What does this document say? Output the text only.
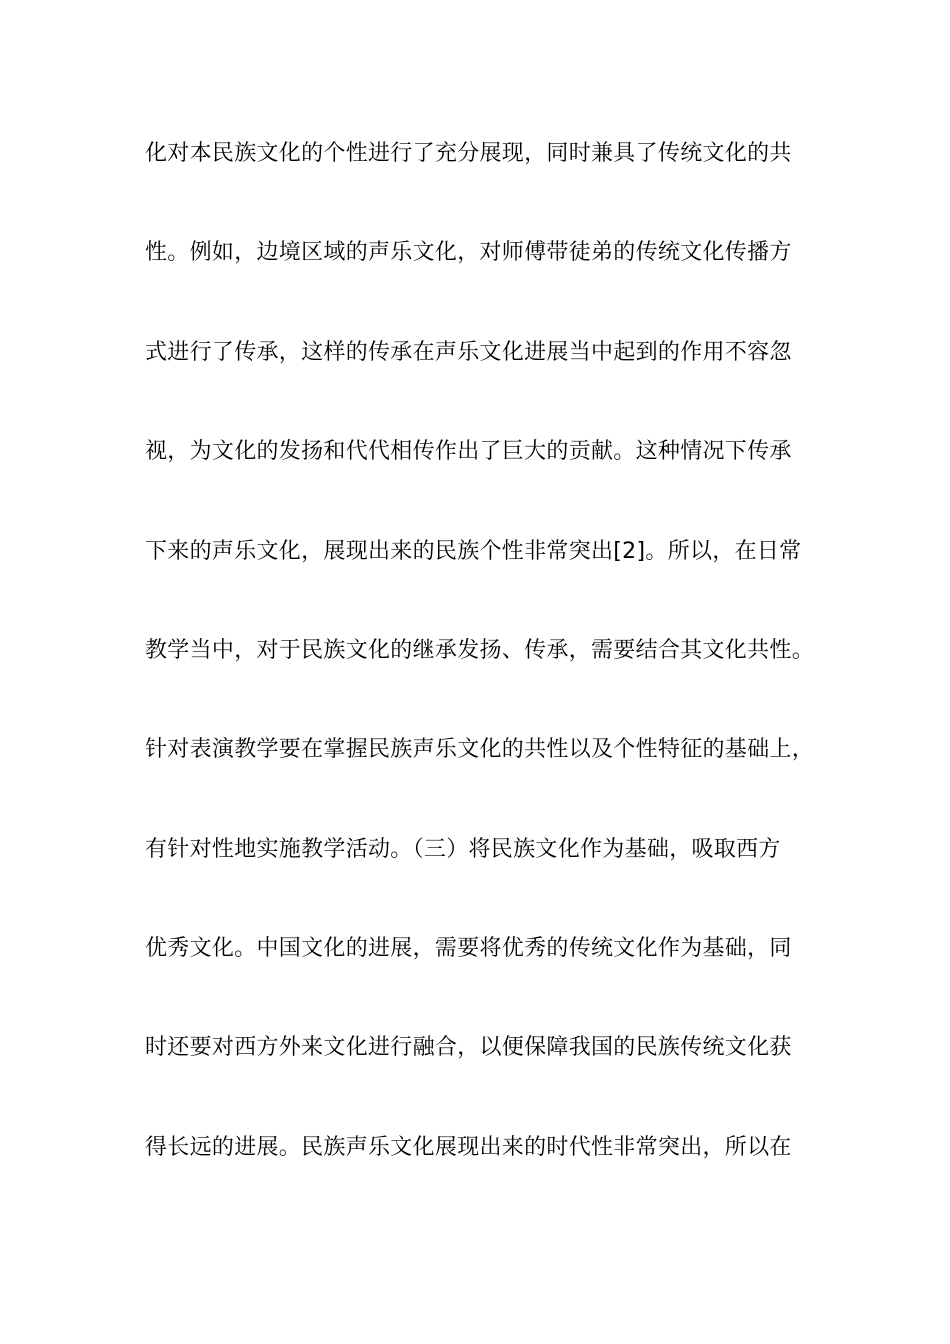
化对本民族文化的个性进行了充分展现，同时兼具了传统文化的共
性。例如，边境区域的声乐文化，对师傅带徒弟的传统文化传播方
式进行了传承，这样的传承在声乐文化进展当中起到的作用不容忽
视，为文化的发扬和代代相传作出了巨大的贡献。这种情况下传承
下来的声乐文化，展现出来的民族个性非常突出[2]。所以，在日常
教学当中，对于民族文化的继承发扬、传承，需要结合其文化共性。
针对表演教学要在掌握民族声乐文化的共性以及个性特征的基础上，
有针对性地实施教学活动。（三）将民族文化作为基础，吸取西方
优秀文化。中国文化的进展，需要将优秀的传统文化作为基础，同
时还要对西方外来文化进行融合，以便保障我国的民族传统文化获
得长远的进展。民族声乐文化展现出来的时代性非常突出，所以在
